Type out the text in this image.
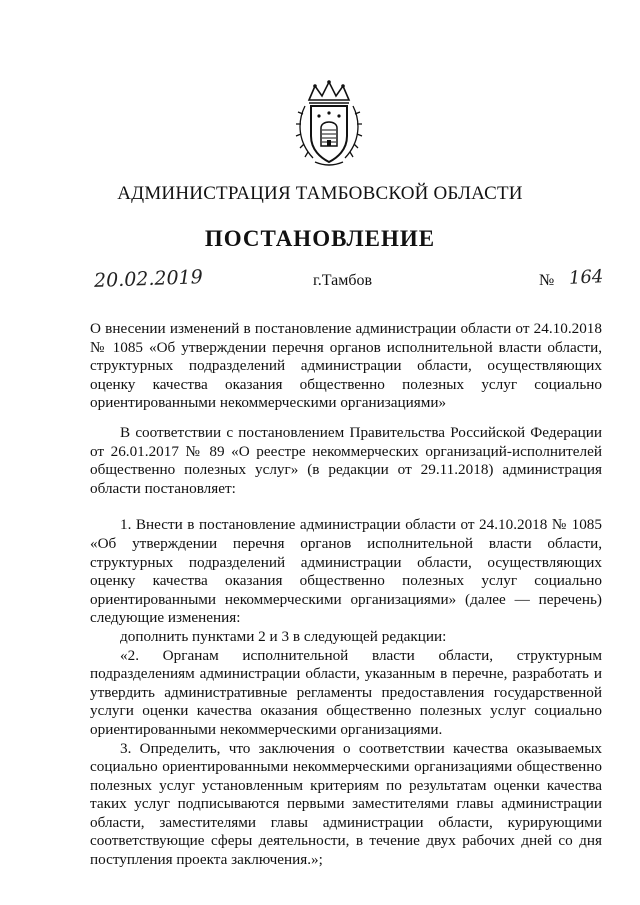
АДМИНИСТРАЦИЯ ТАМБОВСКОЙ ОБЛАСТИ
ПОСТАНОВЛЕНИЕ
20.02.2019	г.Тамбов	№ 164
О внесении изменений в постановление администрации области от 24.10.2018 № 1085 «Об утверждении перечня органов исполнительной власти области, структурных подразделений администрации области, осуществляющих оценку качества оказания общественно полезных услуг социально ориентированными некоммерческими организациями»

В соответствии с постановлением Правительства Российской Федерации от 26.01.2017 № 89 «О реестре некоммерческих организаций-исполнителей общественно полезных услуг» (в редакции от 29.11.2018) администрация области постановляет:

1. Внести в постановление администрации области от 24.10.2018 № 1085 «Об утверждении перечня органов исполнительной власти области, структурных подразделений администрации области, осуществляющих оценку качества оказания общественно полезных услуг социально ориентированными некоммерческими организациями» (далее — перечень) следующие изменения:

дополнить пунктами 2 и 3 в следующей редакции:

«2. Органам исполнительной власти области, структурным подразделениям администрации области, указанным в перечне, разработать и утвердить административные регламенты предоставления государственной услуги оценки качества оказания общественно полезных услуг социально ориентированными некоммерческими организациями.

3. Определить, что заключения о соответствии качества оказываемых социально ориентированными некоммерческими организациями общественно полезных услуг установленным критериям по результатам оценки качества таких услуг подписываются первыми заместителями главы администрации области, заместителями главы администрации области, курирующими соответствующие сферы деятельности, в течение двух рабочих дней со дня поступления проекта заключения.»;
